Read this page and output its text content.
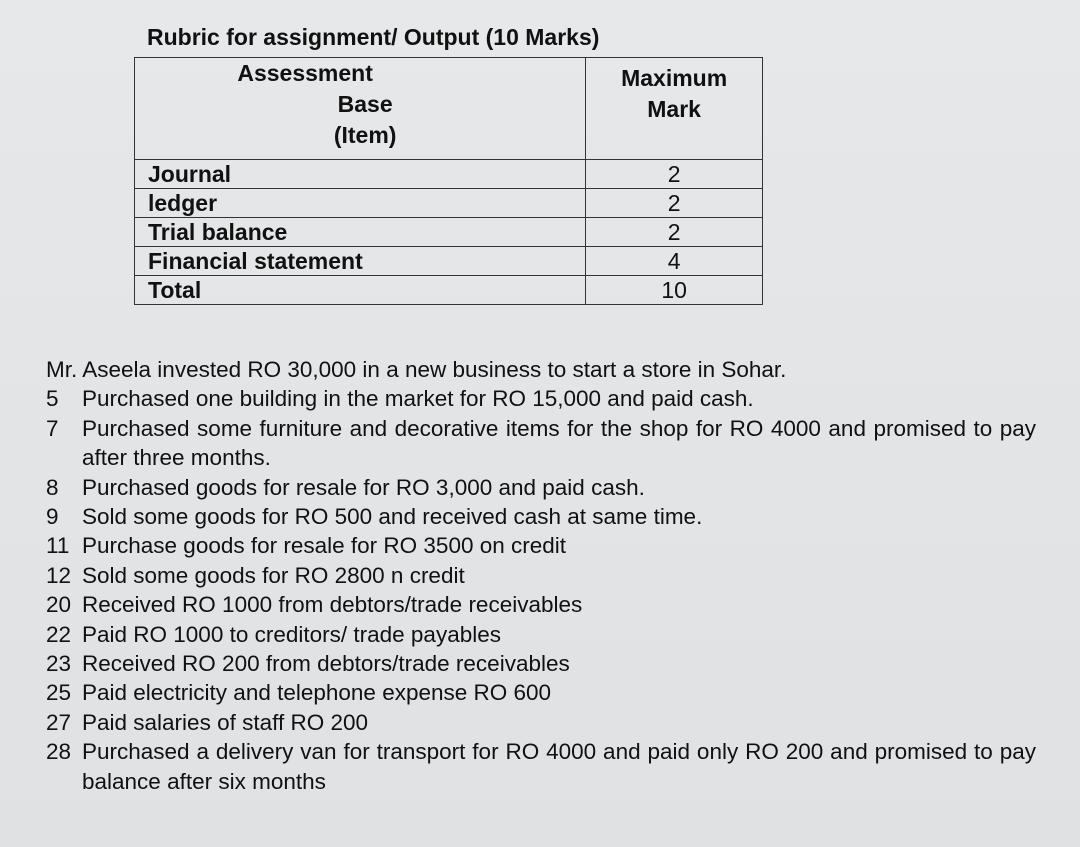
Rubric for assignment/ Output (10 Marks)
Assessment
Base
(Item)	Maximum
Mark

Journal	2
ledger	2
Trial balance	2
Financial statement	4
Total	10

Mr. Aseela invested RO 30,000 in a new business to start a store in Sohar.

5	Purchased one building in the market for RO 15,000 and paid cash.
7	Purchased some furniture and decorative items for the shop for RO 4000 and promised to pay after three months.
8	Purchased goods for resale for RO 3,000 and paid cash.
9	Sold some goods for RO 500 and received cash at same time.
11 Purchase goods for resale for RO 3500 on credit
12 Sold some goods for RO 2800 n credit
20 Received RO 1000 from debtors/trade receivables
22 Paid RO 1000 to creditors/ trade payables
23 Received RO 200 from debtors/trade receivables
25 Paid electricity and telephone expense RO 600
27 Paid salaries of staff RO 200
28 Purchased a delivery van for transport for RO 4000 and paid only RO 200 and promised to pay balance after six months
